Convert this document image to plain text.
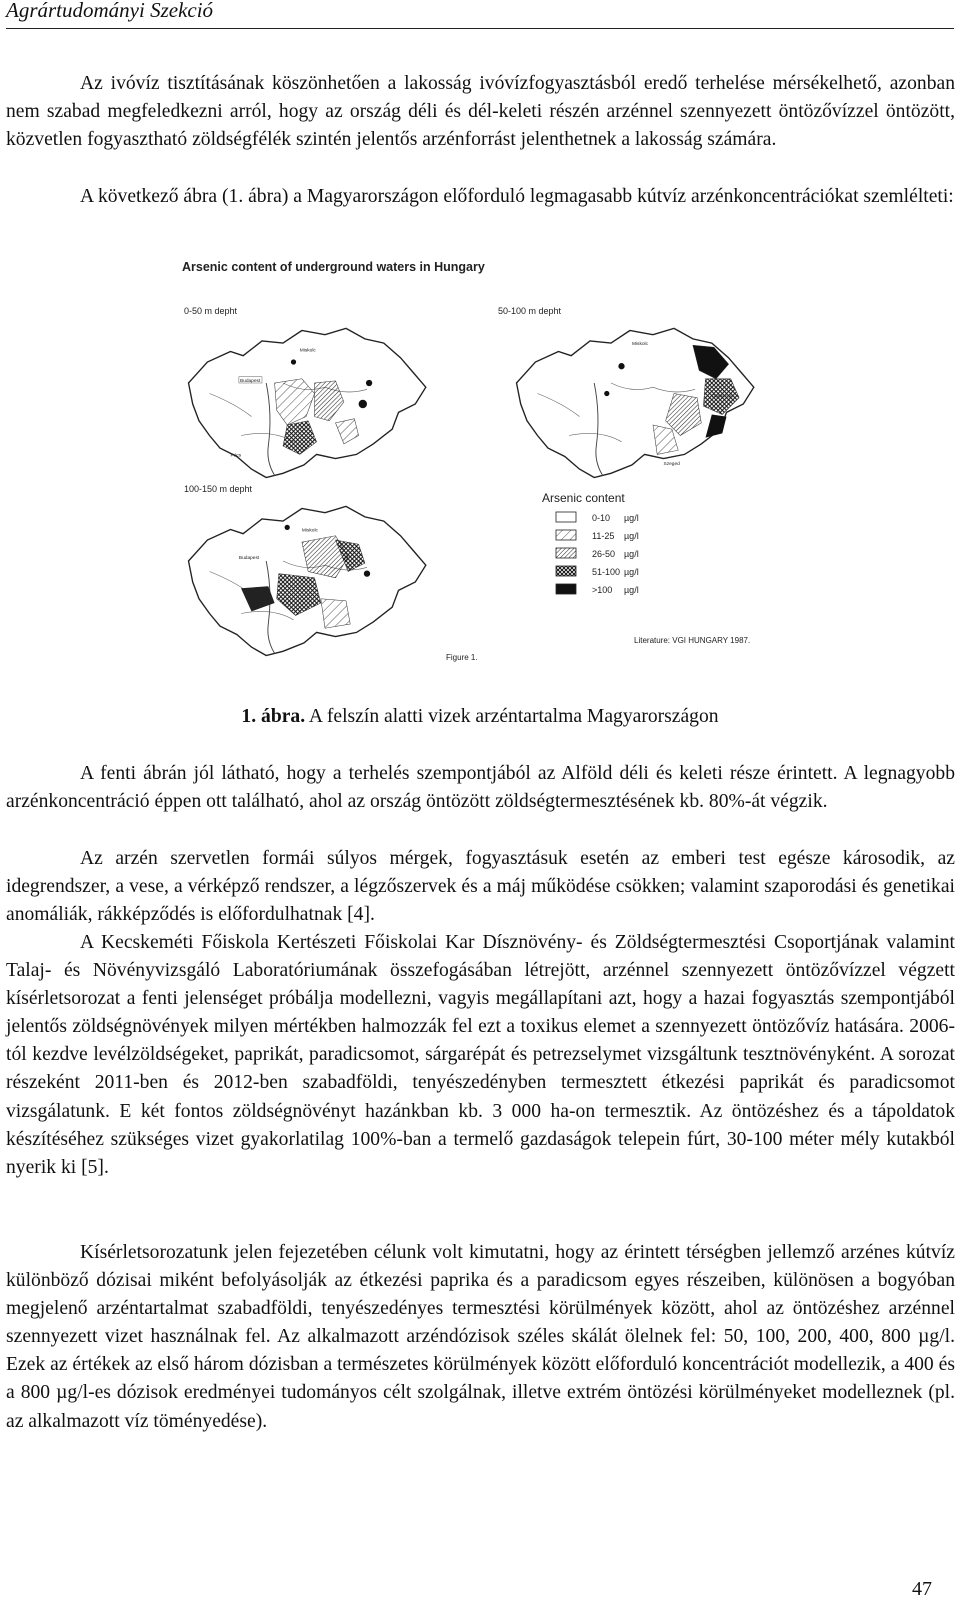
Agrártudományi Szekció

Az ivóvíz tisztításának köszönhetően a lakosság ivóvízfogyasztásból eredő terhelése mérsékelhető, azonban nem szabad megfeledkezni arról, hogy az ország déli és dél-keleti részén arzénnel szennyezett öntözővízzel öntözött, közvetlen fogyasztható zöldségfélék szintén jelentős arzénforrást jelenthetnek a lakosság számára.

A következő ábra (1. ábra) a Magyarországon előforduló legmagasabb kútvíz arzénkoncentrációkat szemlélteti:

Arsenic content of underground waters in Hungary
0-50 m depht
Budapest
Miskolc
Pécs
50-100 m depht
Miskolc
Debrecen
Szeged
100-150 m depht
Miskolc
Budapest
Arsenic content
0-10 µg/l
11-25 µg/l
26-50 µg/l
51-100 µg/l
>100 µg/l
Literature: VGI HUNGARY 1987.
Figure 1.
1. ábra. A felszín alatti vizek arzéntartalma Magyarországon

A fenti ábrán jól látható, hogy a terhelés szempontjából az Alföld déli és keleti része érintett. A legnagyobb arzénkoncentráció éppen ott található, ahol az ország öntözött zöldségtermesztésének kb. 80%-át végzik.

Az arzén szervetlen formái súlyos mérgek, fogyasztásuk esetén az emberi test egésze károsodik, az idegrendszer, a vese, a vérképző rendszer, a légzőszervek és a máj működése csökken; valamint szaporodási és genetikai anomáliák, rákképződés is előfordulhatnak [4].

A Kecskeméti Főiskola Kertészeti Főiskolai Kar Dísznövény- és Zöldségtermesztési Csoportjának valamint Talaj- és Növényvizsgáló Laboratóriumának összefogásában létrejött, arzénnel szennyezett öntözővízzel végzett kísérletsorozat a fenti jelenséget próbálja modellezni, vagyis megállapítani azt, hogy a hazai fogyasztás szempontjából jelentős zöldségnövények milyen mértékben halmozzák fel ezt a toxikus elemet a szennyezett öntözővíz hatására. 2006-tól kezdve levélzöldségeket, paprikát, paradicsomot, sárgarépát és petrezselymet vizsgáltunk tesztnövényként. A sorozat részeként 2011-ben és 2012-ben szabadföldi, tenyészedényben termesztett étkezési paprikát és paradicsomot vizsgálatunk. E két fontos zöldségnövényt hazánkban kb. 3 000 ha-on termesztik. Az öntözéshez és a tápoldatok készítéséhez szükséges vizet gyakorlatilag 100%-ban a termelő gazdaságok telepein fúrt, 30-100 méter mély kutakból nyerik ki [5].

Kísérletsorozatunk jelen fejezetében célunk volt kimutatni, hogy az érintett térségben jellemző arzénes kútvíz különböző dózisai miként befolyásolják az étkezési paprika és a paradicsom egyes részeiben, különösen a bogyóban megjelenő arzéntartalmat szabadföldi, tenyészedényes termesztési körülmények között, ahol az öntözéshez arzénnel szennyezett vizet használnak fel. Az alkalmazott arzéndózisok széles skálát ölelnek fel: 50, 100, 200, 400, 800 µg/l. Ezek az értékek az első három dózisban a természetes körülmények között előforduló koncentrációt modellezik, a 400 és a 800 µg/l-es dózisok eredményei tudományos célt szolgálnak, illetve extrém öntözési körülményeket modelleznek (pl. az alkalmazott víz töményedése).

47
